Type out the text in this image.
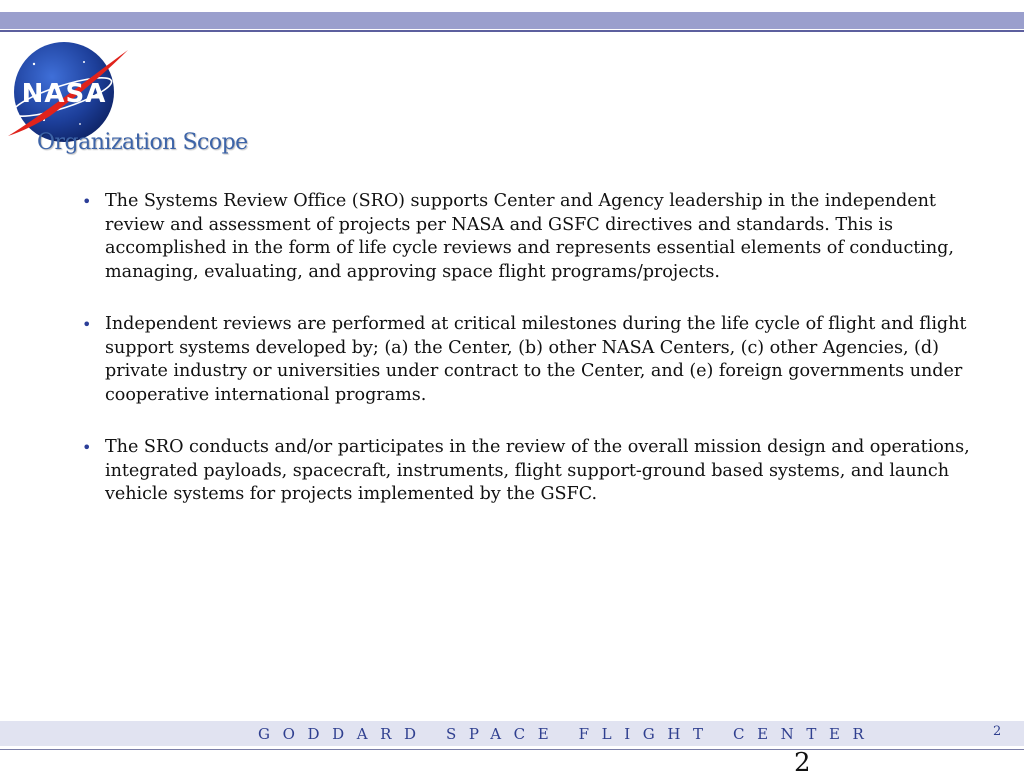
NASA
Organization Scope
• The Systems Review Office (SRO) supports Center and Agency leadership in the independent review and assessment of projects per NASA and GSFC directives and standards. This is accomplished in the form of life cycle reviews and represents essential elements of conducting, managing, evaluating, and approving space flight programs/projects.
• Independent reviews are performed at critical milestones during the life cycle of flight and flight support systems developed by; (a) the Center, (b) other NASA Centers, (c) other Agencies, (d) private industry or universities under contract to the Center, and (e) foreign governments under cooperative international programs.
• The SRO conducts and/or participates in the review of the overall mission design and operations, integrated payloads, spacecraft, instruments, flight support-ground based systems, and launch vehicle systems for projects implemented by the GSFC.
GODDARD SPACE FLIGHT CENTER	2
2
